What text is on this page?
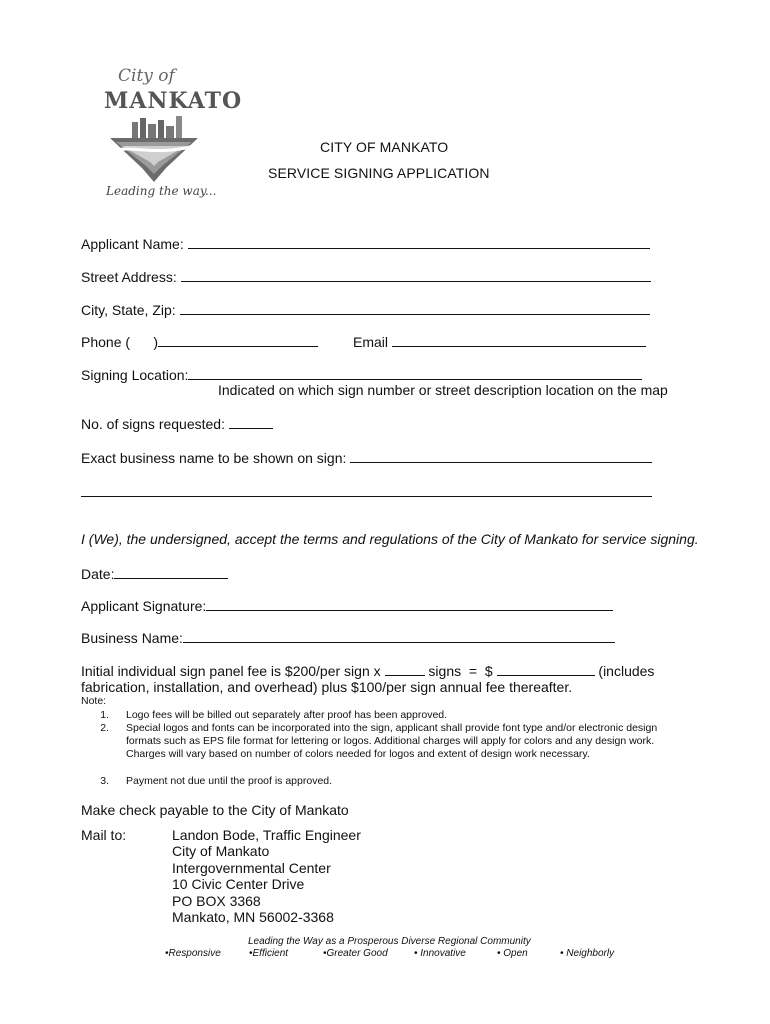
City of
MANKATO
Leading the way...
CITY OF MANKATO
SERVICE SIGNING APPLICATION
Applicant Name:
Street Address:
City, State, Zip:
Phone (      )	Email
Signing Location:
Indicated on which sign number or street description location on the map
No. of signs requested:
Exact business name to be shown on sign:
I (We), the undersigned, accept the terms and regulations of the City of Mankato for service signing.
Date:
Applicant Signature:
Business Name:
Initial individual sign panel fee is $200/per sign x	signs  =  $	(includes
fabrication, installation, and overhead) plus $100/per sign annual fee thereafter.
Note:
1. Logo fees will be billed out separately after proof has been approved.
2. Special logos and fonts can be incorporated into the sign, applicant shall provide font type and/or electronic design formats such as EPS file format for lettering or logos. Additional charges will apply for colors and any design work. Charges will vary based on number of colors needed for logos and extent of design work necessary.
3. Payment not due until the proof is approved.
Make check payable to the City of Mankato
Mail to:	Landon Bode, Traffic Engineer
City of Mankato
Intergovernmental Center
10 Civic Center Drive
PO BOX 3368
Mankato, MN 56002-3368
Leading the Way as a Prosperous Diverse Regional Community
•Responsive	•Efficient	•Greater Good	• Innovative	• Open	• Neighborly
